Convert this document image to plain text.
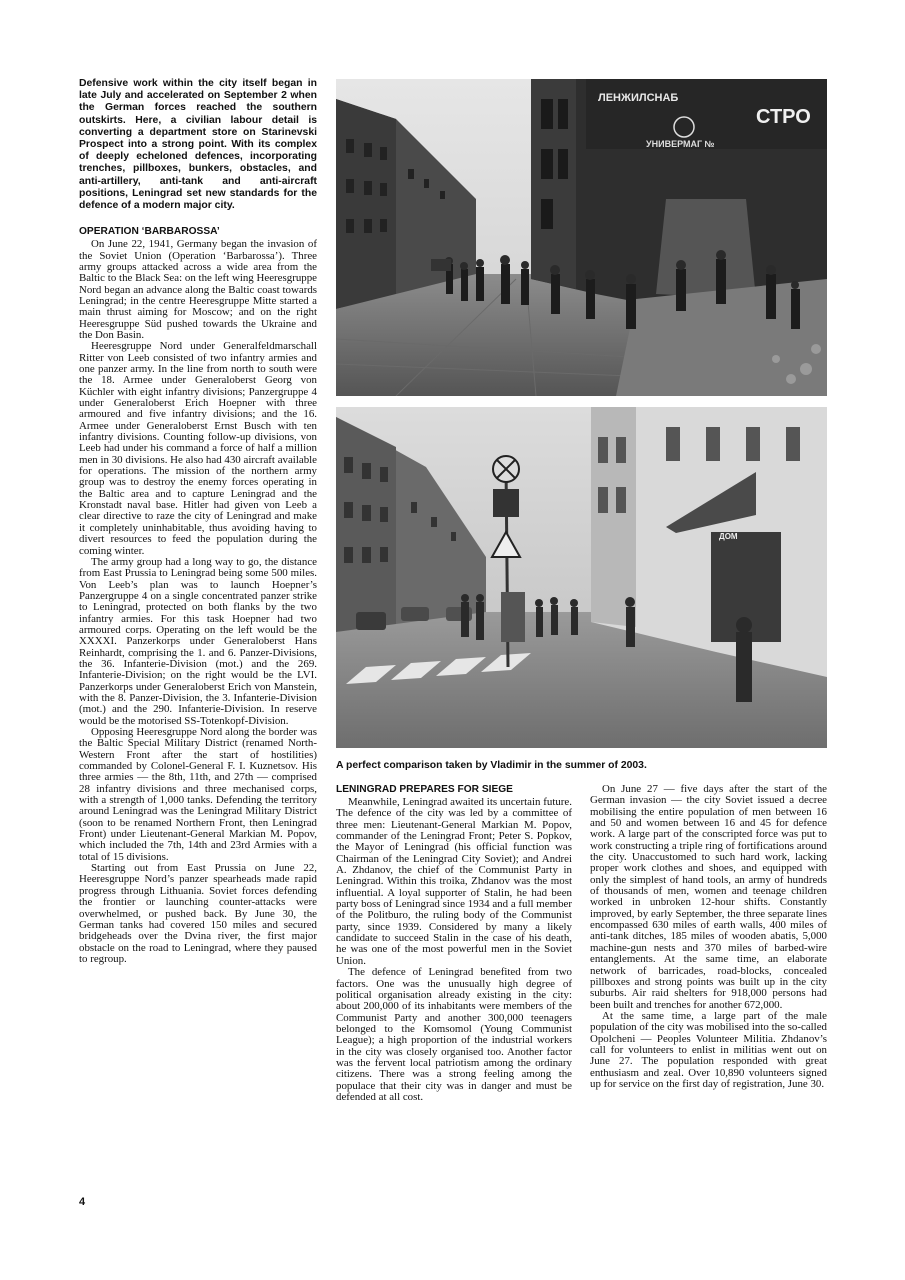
Defensive work within the city itself began in late July and accelerated on September 2 when the German forces reached the southern outskirts. Here, a civilian labour detail is converting a department store on Starinevski Prospect into a strong point. With its complex of deeply echeloned defences, incorporating trenches, pillboxes, bunkers, obstacles, and anti-artillery, anti-tank and anti-aircraft positions, Leningrad set new standards for the defence of a modern major city.

OPERATION ‘BARBAROSSA’

On June 22, 1941, Germany began the invasion of the Soviet Union (Operation ‘Barbarossa’). Three army groups attacked across a wide area from the Baltic to the Black Sea: on the left wing Heeresgruppe Nord began an advance along the Baltic coast towards Leningrad; in the centre Heeresgruppe Mitte started a main thrust aiming for Moscow; and on the right Heeresgruppe Süd pushed towards the Ukraine and the Don Basin.

Heeresgruppe Nord under Generalfeldmarschall Ritter von Leeb consisted of two infantry armies and one panzer army. In the line from north to south were the 18. Armee under Generaloberst Georg von Küchler with eight infantry divisions; Panzergruppe 4 under Generaloberst Erich Hoepner with three armoured and five infantry divisions; and the 16. Armee under Generaloberst Ernst Busch with ten infantry divisions. Counting follow-up divisions, von Leeb had under his command a force of half a million men in 30 divisions. He also had 430 aircraft available for operations. The mission of the northern army group was to destroy the enemy forces operating in the Baltic area and to capture Leningrad and the Kronstadt naval base. Hitler had given von Leeb a clear directive to raze the city of Leningrad and make it completely uninhabitable, thus avoiding having to divert resources to feed the population during the coming winter.

The army group had a long way to go, the distance from East Prussia to Leningrad being some 500 miles. Von Leeb’s plan was to launch Hoepner’s Panzergruppe 4 on a single concentrated panzer strike to Leningrad, protected on both flanks by the two infantry armies. For this task Hoepner had two armoured corps. Operating on the left would be the XXXXI. Panzerkorps under Generaloberst Hans Reinhardt, comprising the 1. and 6. Panzer-Divisions, the 36. Infanterie-Division (mot.) and the 269. Infanterie-Division; on the right would be the LVI. Panzerkorps under Generaloberst Erich von Manstein, with the 8. Panzer-Division, the 3. Infanterie-Division (mot.) and the 290. Infanterie-Division. In reserve would be the motorised SS-Totenkopf-Division.

Opposing Heeresgruppe Nord along the border was the Baltic Special Military District (renamed North-Western Front after the start of hostilities) commanded by Colonel-General F. I. Kuznetsov. His three armies — the 8th, 11th, and 27th — comprised 28 infantry divisions and three mechanised corps, with a strength of 1,000 tanks. Defending the territory around Leningrad was the Leningrad Military District (soon to be renamed Northern Front, then Leningrad Front) under Lieutenant-General Markian M. Popov, which included the 7th, 14th and 23rd Armies with a total of 15 divisions.

Starting out from East Prussia on June 22, Heeresgruppe Nord’s panzer spearheads made rapid progress through Lithuania. Soviet forces defending the frontier or launching counter-attacks were overwhelmed, or pushed back. By June 30, the German tanks had covered 150 miles and secured bridgeheads over the Dvina river, the first major obstacle on the road to Leningrad, where they paused to regroup.

ЛЕНЖИЛСНАБ
СТРО
УНИВЕРМАГ №
ДОМ

A perfect comparison taken by Vladimir in the summer of 2003.

LENINGRAD PREPARES FOR SIEGE

Meanwhile, Leningrad awaited its uncertain future. The defence of the city was led by a committee of three men: Lieutenant-General Markian M. Popov, commander of the Leningrad Front; Peter S. Popkov, the Mayor of Leningrad (his official function was Chairman of the Leningrad City Soviet); and Andrei A. Zhdanov, the chief of the Communist Party in Leningrad. Within this troika, Zhdanov was the most influential. A loyal supporter of Stalin, he had been party boss of Leningrad since 1934 and a full member of the Politburo, the ruling body of the Communist party, since 1939. Considered by many a likely candidate to succeed Stalin in the case of his death, he was one of the most powerful men in the Soviet Union.

The defence of Leningrad benefited from two factors. One was the unusually high degree of political organisation already existing in the city: about 200,000 of its inhabitants were members of the Communist Party and another 300,000 teenagers belonged to the Komsomol (Young Communist League); a high proportion of the industrial workers in the city was closely organised too. Another factor was the fervent local patriotism among the ordinary citizens. There was a strong feeling among the populace that their city was in danger and must be defended at all cost.

On June 27 — five days after the start of the German invasion — the city Soviet issued a decree mobilising the entire population of men between 16 and 50 and women between 16 and 45 for defence work. A large part of the conscripted force was put to work constructing a triple ring of fortifications around the city. Unaccustomed to such hard work, lacking proper work clothes and shoes, and equipped with only the simplest of hand tools, an army of hundreds of thousands of men, women and teenage children worked in unbroken 12-hour shifts. Constantly improved, by early September, the three separate lines encompassed 630 miles of earth walls, 400 miles of anti-tank ditches, 185 miles of wooden abatis, 5,000 machine-gun nests and 370 miles of barbed-wire entanglements. At the same time, an elaborate network of barricades, road-blocks, concealed pillboxes and strong points was built up in the city suburbs. Air raid shelters for 918,000 persons had been built and trenches for another 672,000.

At the same time, a large part of the male population of the city was mobilised into the so-called Opolcheni — Peoples Volunteer Militia. Zhdanov’s call for volunteers to enlist in militias went out on June 27. The population responded with great enthusiasm and zeal. Over 10,890 volunteers signed up for service on the first day of registration, June 30.

4
